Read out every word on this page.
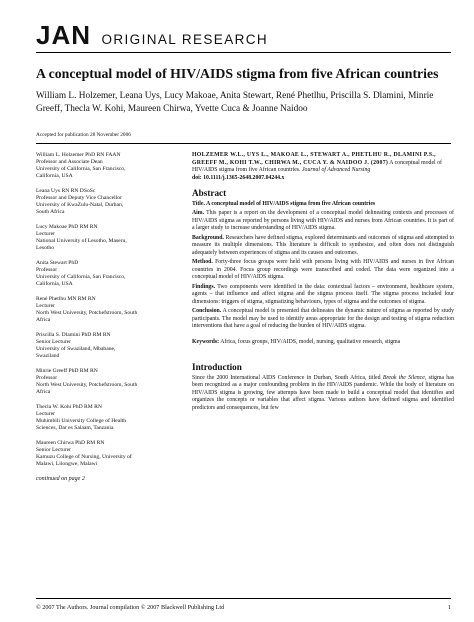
JAN ORIGINAL RESEARCH
A conceptual model of HIV/AIDS stigma from five African countries
William L. Holzemer, Leana Uys, Lucy Makoae, Anita Stewart, René Phetlhu, Priscilla S. Dlamini, Minrie Greeff, Thecla W. Kohi, Maureen Chirwa, Yvette Cuca & Joanne Naidoo
Accepted for publication 28 November 2006
William L. Holzemer PhD RN FAAN
Professor and Associate Dean
University of California, San Francisco,
California, USA
Leana Uys RN RN DSoSc
Professor and Deputy Vice Chancellor
University of KwaZulu-Natal, Durban,
South Africa
Lucy Makoae PhD RM RN
Lecturer
National University of Lesotho, Maseru,
Lesotho
Anita Stewart PhD
Professor
University of California, San Francisco,
California, USA
René Phetlhu MN RM RN
Lecturer
North West University, Potchefstroom, South
Africa
Priscilla S. Dlamini PhD RM RN
Senior Lecturer
University of Swaziland, Mbabane,
Swaziland
Minrie Greeff PhD RM RN
Professor
North West University, Potchefstroom, South
Africa
Thecla W. Kohi PhD RM RN
Lecturer
Muhimbili University College of Health
Sciences, Dar es Salaam, Tanzania
Maureen Chirwa PhD RM RN
Senior Lecturer
Kamuzu College of Nursing, University of
Malawi, Lilongwe, Malawi
continued on page 2
HOLZEMER W.L., UYS L., MAKOAE L., STEWART A., PHETLHU R., DLAMINI P.S., GREEFF M., KOHI T.W., CHIRWA M., CUCA Y. & NAIDOO J. (2007) A conceptual model of HIV/AIDS stigma from five African countries. Journal of Advanced Nursing
doi: 10.1111/j.1365-2648.2007.04244.x
Abstract
Title. A conceptual model of HIV/AIDS stigma from five African countries

Aim. This paper is a report on the development of a conceptual model delineating contexts and processes of HIV/AIDS stigma as reported by persons living with HIV/AIDS and nurses from African countries. It is part of a larger study to increase understanding of HIV/AIDS stigma.

Background. Researchers have defined stigma, explored determinants and outcomes of stigma and attempted to measure its multiple dimensions. This literature is difficult to synthesize, and often does not distinguish adequately between experiences of stigma and its causes and outcomes.

Method. Forty-three focus groups were held with persons living with HIV/AIDS and nurses in five African countries in 2004. Focus group recordings were transcribed and coded. The data were organized into a conceptual model of HIV/AIDS stigma.

Findings. Two components were identified in the data: contextual factors – environment, healthcare system, agents – that influence and affect stigma and the stigma process itself. The stigma process included four dimensions: triggers of stigma, stigmatizing behaviours, types of stigma and the outcomes of stigma.

Conclusion. A conceptual model is presented that delineates the dynamic nature of stigma as reported by study participants. The model may be used to identify areas appropriate for the design and testing of stigma reduction interventions that have a goal of reducing the burden of HIV/AIDS stigma.

Keywords: Africa, focus groups, HIV/AIDS, model, nursing, qualitative research, stigma

Introduction

Since the 2000 International AIDS Conference in Durban, South Africa, titled Break the Silence, stigma has been recognized as a major confounding problem in the HIV/AIDS pandemic. While the body of literature on HIV/AIDS stigma is growing, few attempts have been made to build a conceptual model that identifies and organizes the concepts or variables that affect stigma. Various authors have defined stigma and identified predictors and consequences, but few

© 2007 The Authors. Journal compilation © 2007 Blackwell Publishing Ltd	1
